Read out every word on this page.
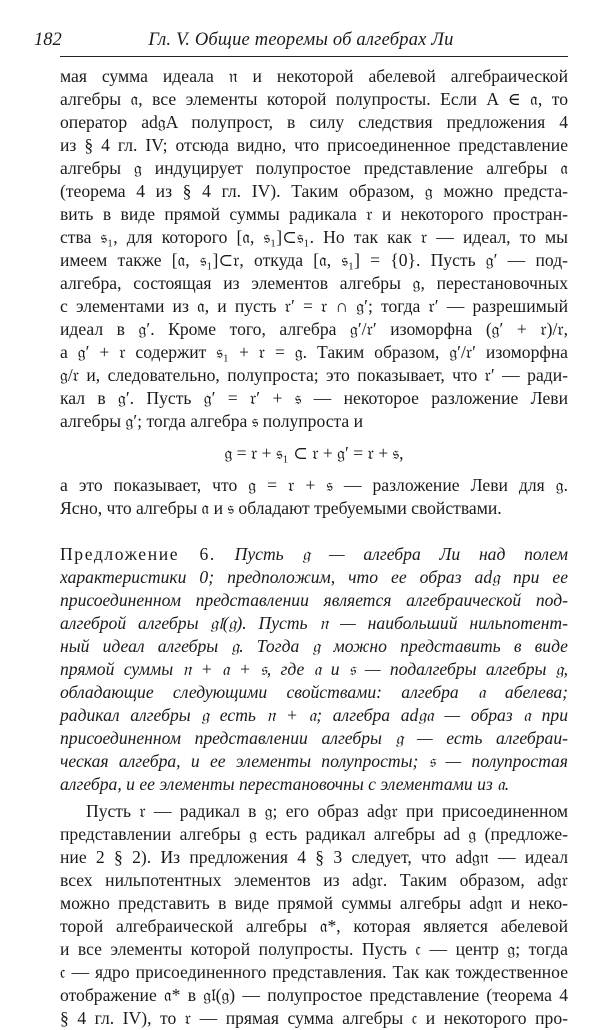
182	Гл. V. Общие теоремы об алгебрах Ли
мая сумма идеала 𝔫 и некоторой абелевой алгебраической
алгебры 𝔞, все элементы которой полупросты. Если A ∈ 𝔞, то
оператор ad𝔤A полупрост, в силу следствия предложения 4
из § 4 гл. IV; отсюда видно, что присоединенное представление
алгебры 𝔤 индуцирует полупростое представление алгебры 𝔞
(теорема 4 из § 4 гл. IV). Таким образом, 𝔤 можно предста-
вить в виде прямой суммы радикала 𝔯 и некоторого простран-
ства 𝔰₁, для которого [𝔞, 𝔰₁]⊂𝔰₁. Но так как 𝔯 — идеал, то мы
имеем также [𝔞, 𝔰₁]⊂𝔯, откуда [𝔞, 𝔰₁] = {0}. Пусть 𝔤′ — под-
алгебра, состоящая из элементов алгебры 𝔤, перестановочных
с элементами из 𝔞, и пусть 𝔯′ = 𝔯 ∩ 𝔤′; тогда 𝔯′ — разрешимый
идеал в 𝔤′. Кроме того, алгебра 𝔤′/𝔯′ изоморфна (𝔤′ + 𝔯)/𝔯,
а 𝔤′ + 𝔯 содержит 𝔰₁ + 𝔯 = 𝔤. Таким образом, 𝔤′/𝔯′ изоморфна
𝔤/𝔯 и, следовательно, полупроста; это показывает, что 𝔯′ — ради-
кал в 𝔤′. Пусть 𝔤′ = 𝔯′ + 𝔰 — некоторое разложение Леви
алгебры 𝔤′; тогда алгебра 𝔰 полупроста и
𝔤 = 𝔯 + 𝔰₁ ⊂ 𝔯 + 𝔤′ = 𝔯 + 𝔰,
а это показывает, что 𝔤 = 𝔯 + 𝔰 — разложение Леви для 𝔤.
Ясно, что алгебры 𝔞 и 𝔰 обладают требуемыми свойствами.
Предложение 6. Пусть 𝔤 — алгебра Ли над полем
характеристики 0; предположим, что ее образ ad𝔤 при ее
присоединенном представлении является алгебраической под-
алгеброй алгебры 𝔤𝔩(𝔤). Пусть 𝔫 — наибольший нильпотент-
ный идеал алгебры 𝔤. Тогда 𝔤 можно представить в виде
прямой суммы 𝔫 + 𝔞 + 𝔰, где 𝔞 и 𝔰 — подалгебры алгебры 𝔤,
обладающие следующими свойствами: алгебра 𝔞 абелева;
радикал алгебры 𝔤 есть 𝔫 + 𝔞; алгебра ad𝔤𝔞 — образ 𝔞 при
присоединенном представлении алгебры 𝔤 — есть алгебраи-
ческая алгебра, и ее элементы полупросты; 𝔰 — полупростая
алгебра, и ее элементы перестановочны с элементами из 𝔞.
Пусть 𝔯 — радикал в 𝔤; его образ ad𝔤𝔯 при присоединенном
представлении алгебры 𝔤 есть радикал алгебры ad 𝔤 (предложе-
ние 2 § 2). Из предложения 4 § 3 следует, что ad𝔤𝔫 — идеал
всех нильпотентных элементов из ad𝔤𝔯. Таким образом, ad𝔤𝔯
можно представить в виде прямой суммы алгебры ad𝔤𝔫 и неко-
торой алгебраической алгебры 𝔞*, которая является абелевой
и все элементы которой полупросты. Пусть 𝔠 — центр 𝔤; тогда
𝔠 — ядро присоединенного представления. Так как тождественное
отображение 𝔞* в 𝔤𝔩(𝔤) — полупростое представление (теорема 4
§ 4 гл. IV), то 𝔯 — прямая сумма алгебры 𝔠 и некоторого про-
